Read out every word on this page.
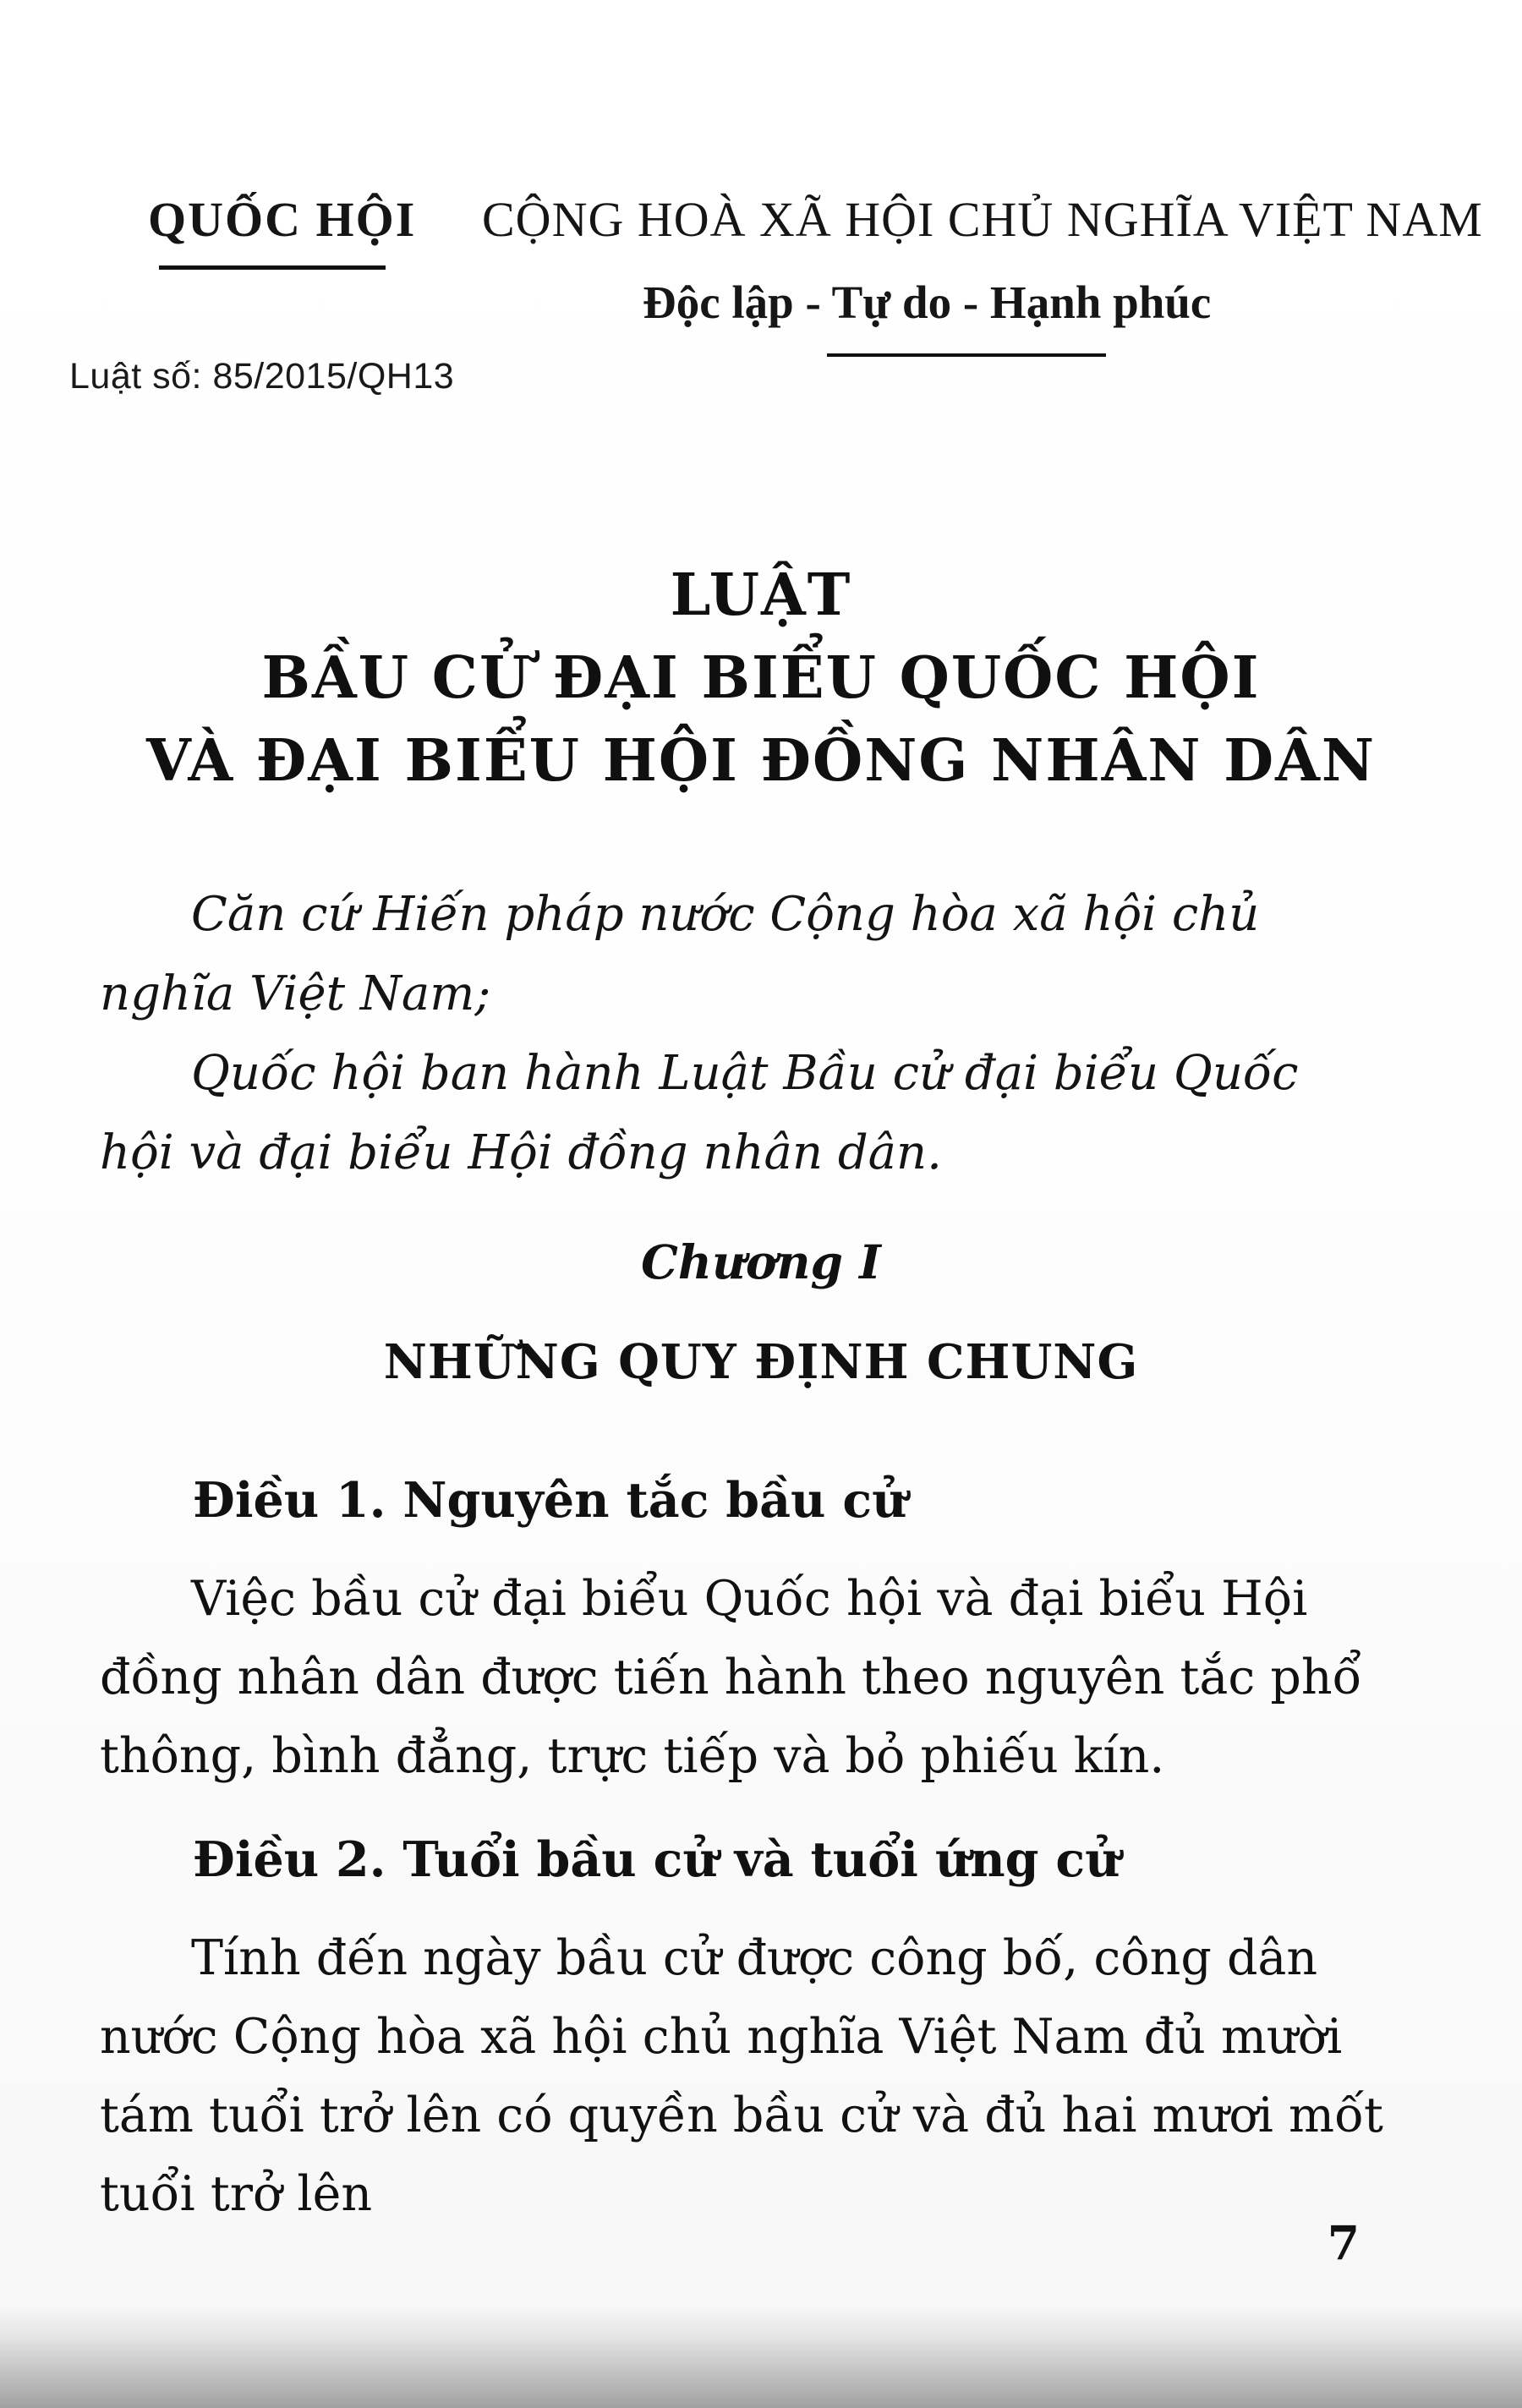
QUỐC HỘI CỘNG HOÀ XÃ HỘI CHỦ NGHĨA VIỆT NAM
Độc lập - Tự do - Hạnh phúc
Luật số: 85/2015/QH13
LUẬT
BẦU CỬ ĐẠI BIỂU QUỐC HỘI
VÀ ĐẠI BIỂU HỘI ĐỒNG NHÂN DÂN

Căn cứ Hiến pháp nước Cộng hòa xã hội chủ nghĩa Việt Nam;

Quốc hội ban hành Luật Bầu cử đại biểu Quốc hội và đại biểu Hội đồng nhân dân.

Chương I
NHỮNG QUY ĐỊNH CHUNG
Điều 1. Nguyên tắc bầu cử

Việc bầu cử đại biểu Quốc hội và đại biểu Hội đồng nhân dân được tiến hành theo nguyên tắc phổ thông, bình đẳng, trực tiếp và bỏ phiếu kín.

Điều 2. Tuổi bầu cử và tuổi ứng cử

Tính đến ngày bầu cử được công bố, công dân nước Cộng hòa xã hội chủ nghĩa Việt Nam đủ mười tám tuổi trở lên có quyền bầu cử và đủ hai mươi mốt tuổi trở lên

7
